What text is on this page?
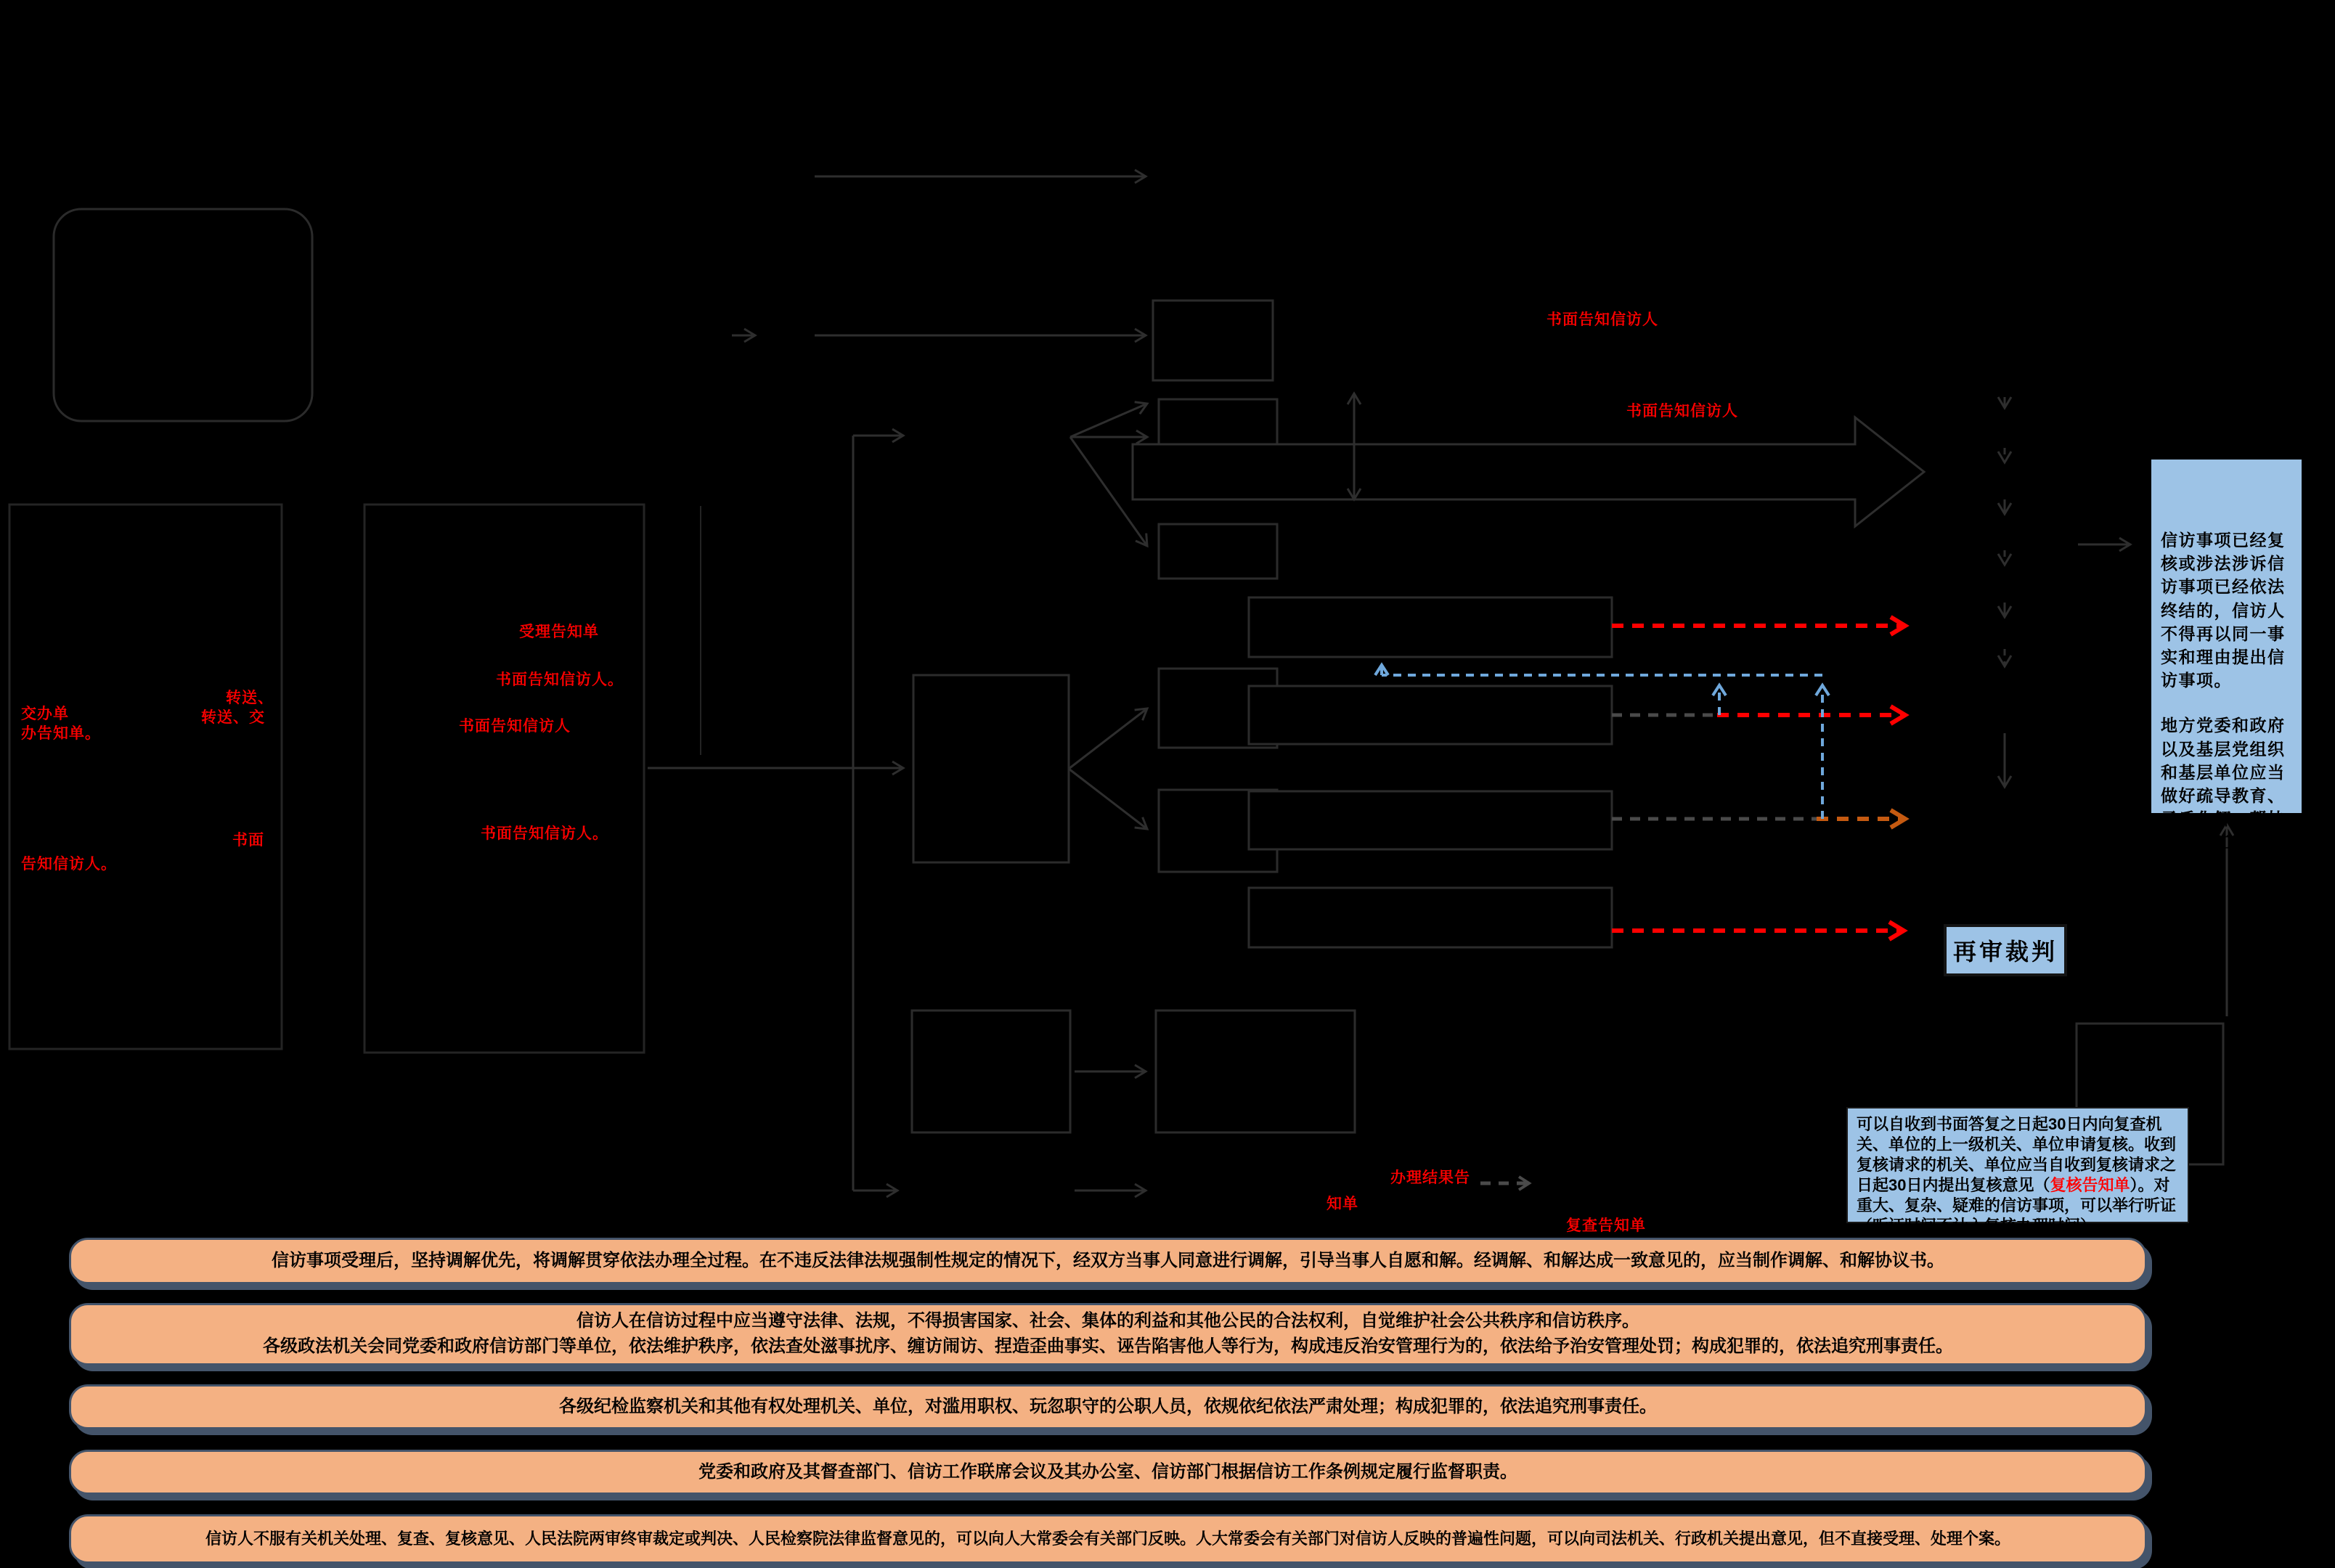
书面告知信访人
书面告知信访人
受理告知单
书面告知信访人。
书面告知信访人
书面告知信访人。
交办单
办告知单。
转送、
转送、交
书面
告知信访人。
办理结果告
知单
复查告知单

信访事项已经复核或涉法涉诉信访事项已经依法终结的，信访人不得再以同一事实和理由提出信访事项。

地方党委和政府以及基层党组织和基层单位应当做好疏导教育、矛盾化解、帮扶救助等工作。

可以自收到书面答复之日起30日内向复查机关、单位的上一级机关、单位申请复核。收到复核请求的机关、单位应当自收到复核请求之日起30日内提出复核意见（复核告知单）。对重大、复杂、疑难的信访事项，可以举行听证（听证时间不计入复核办理时间）。
再审裁判
信访事项受理后，坚持调解优先，将调解贯穿依法办理全过程。在不违反法律法规强制性规定的情况下，经双方当事人同意进行调解，引导当事人自愿和解。经调解、和解达成一致意见的，应当制作调解、和解协议书。
信访人在信访过程中应当遵守法律、法规，不得损害国家、社会、集体的利益和其他公民的合法权利，自觉维护社会公共秩序和信访秩序。
各级政法机关会同党委和政府信访部门等单位，依法维护秩序，依法查处滋事扰序、缠访闹访、捏造歪曲事实、诬告陷害他人等行为，构成违反治安管理行为的，依法给予治安管理处罚；构成犯罪的，依法追究刑事责任。
各级纪检监察机关和其他有权处理机关、单位，对滥用职权、玩忽职守的公职人员，依规依纪依法严肃处理；构成犯罪的，依法追究刑事责任。
党委和政府及其督查部门、信访工作联席会议及其办公室、信访部门根据信访工作条例规定履行监督职责。
信访人不服有关机关处理、复查、复核意见、人民法院两审终审裁定或判决、人民检察院法律监督意见的，可以向人大常委会有关部门反映。人大常委会有关部门对信访人反映的普遍性问题，可以向司法机关、行政机关提出意见，但不直接受理、处理个案。
